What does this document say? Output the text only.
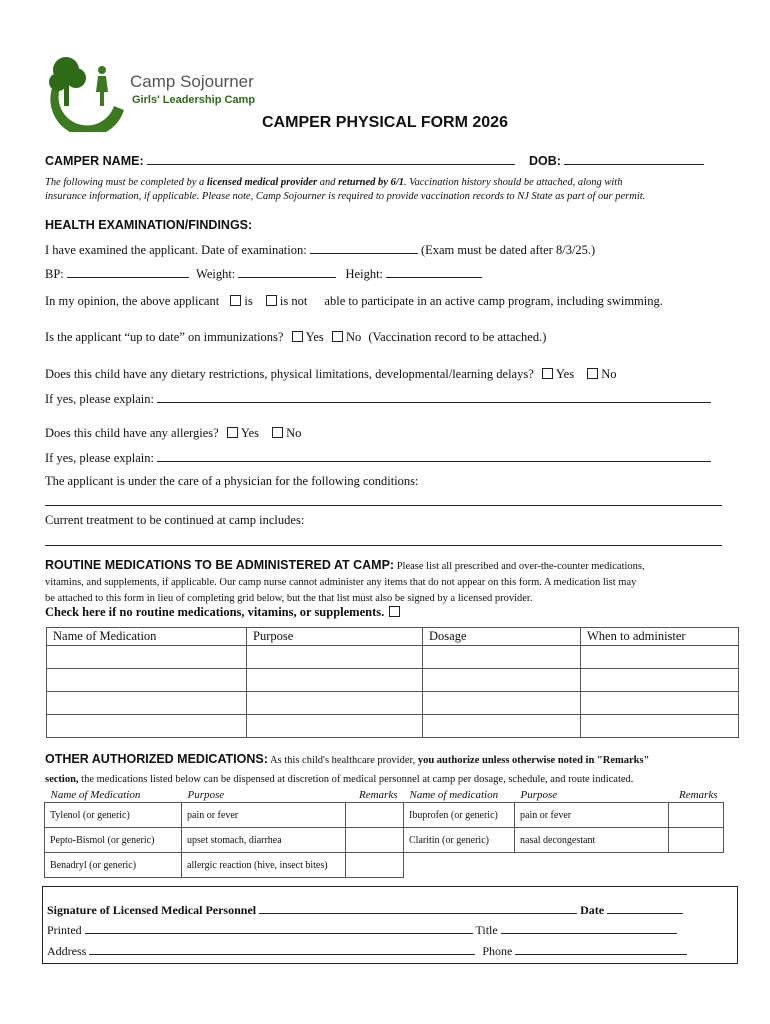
Camp Sojourner
Girls' Leadership Camp
CAMPER PHYSICAL FORM 2026
CAMPER NAME:	DOB:
The following must be completed by a licensed medical provider and returned by 6/1. Vaccination history should be attached, along with
insurance information, if applicable. Please note, Camp Sojourner is required to provide vaccination records to NJ State as part of our permit.
HEALTH EXAMINATION/FINDINGS:
I have examined the applicant. Date of examination:	(Exam must be dated after 8/3/25.)
BP:	Weight:	Height:
In my opinion, the above applicant is is not able to participate in an active camp program, including swimming.
Is the applicant “up to date” on immunizations? Yes No (Vaccination record to be attached.)
Does this child have any dietary restrictions, physical limitations, developmental/learning delays? Yes No
If yes, please explain:
Does this child have any allergies? Yes No
If yes, please explain:
The applicant is under the care of a physician for the following conditions:
Current treatment to be continued at camp includes:
ROUTINE MEDICATIONS TO BE ADMINISTERED AT CAMP: Please list all prescribed and over-the-counter medications,
vitamins, and supplements, if applicable. Our camp nurse cannot administer any items that do not appear on this form. A medication list may
be attached to this form in lieu of completing grid below, but the that list must also be signed by a licensed provider.
Check here if no routine medications, vitamins, or supplements.
Name of Medication	Purpose	Dosage	When to administer

OTHER AUTHORIZED MEDICATIONS: As this child's healthcare provider, you authorize unless otherwise noted in "Remarks"
section, the medications listed below can be dispensed at discretion of medical personnel at camp per dosage, schedule, and route indicated.
Name of Medication	Purpose	Remarks	Name of medication	Purpose	Remarks
Tylenol (or generic)	pain or fever		Ibuprofen (or generic)	pain or fever	
Pepto-Bismol (or generic)	upset stomach, diarrhea		Claritin (or generic)	nasal decongestant	
Benadryl (or generic)	allergic reaction (hive, insect bites)				
Signature of Licensed Medical Personnel	Date
Printed	Title
Address	Phone
